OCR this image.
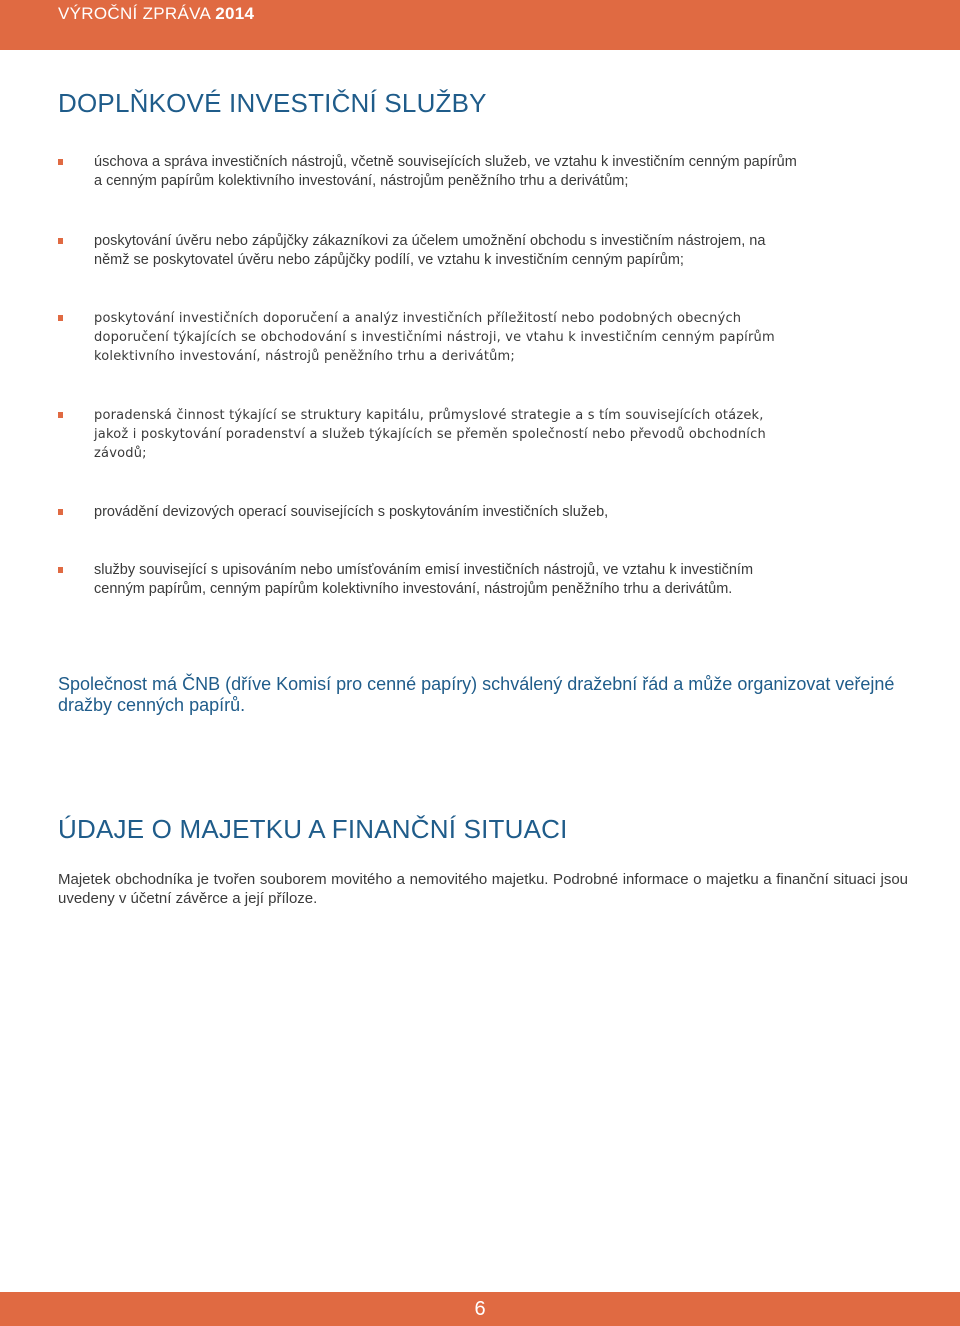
VÝROČNÍ ZPRÁVA 2014
DOPLŇKOVÉ INVESTIČNÍ SLUŽBY
úschova a správa investičních nástrojů, včetně souvisejících služeb, ve vztahu k investičním cenným papírům a cenným papírům kolektivního investování, nástrojům peněžního trhu a derivátům;
poskytování úvěru nebo zápůjčky zákazníkovi za účelem umožnění obchodu s investičním nástrojem, na němž se poskytovatel úvěru nebo zápůjčky podílí, ve vztahu k investičním cenným papírům;
poskytování investičních doporučení a analýz investičních příležitostí nebo podobných obecných doporučení týkajících se obchodování s investičními nástroji, ve vtahu k investičním cenným papírům kolektivního investování, nástrojů peněžního trhu a derivátům;
poradenská činnost týkající se struktury kapitálu, průmyslové strategie a s tím souvisejících otázek, jakož i poskytování poradenství a služeb týkajících se přeměn společností nebo převodů obchodních závodů;
provádění devizových operací souvisejících s poskytováním investičních služeb,
služby související s upisováním nebo umísťováním emisí investičních nástrojů, ve vztahu k investičním cenným papírům, cenným papírům kolektivního investování, nástrojům peněžního trhu a derivátům.

Společnost má ČNB (dříve Komisí pro cenné papíry) schválený dražební řád a může organizovat veřejné dražby cenných papírů.

ÚDAJE O MAJETKU A FINANČNÍ SITUACI

Majetek obchodníka je tvořen souborem movitého a nemovitého majetku. Podrobné informace o majetku a finanční situaci jsou uvedeny v účetní závěrce a její příloze.

6
